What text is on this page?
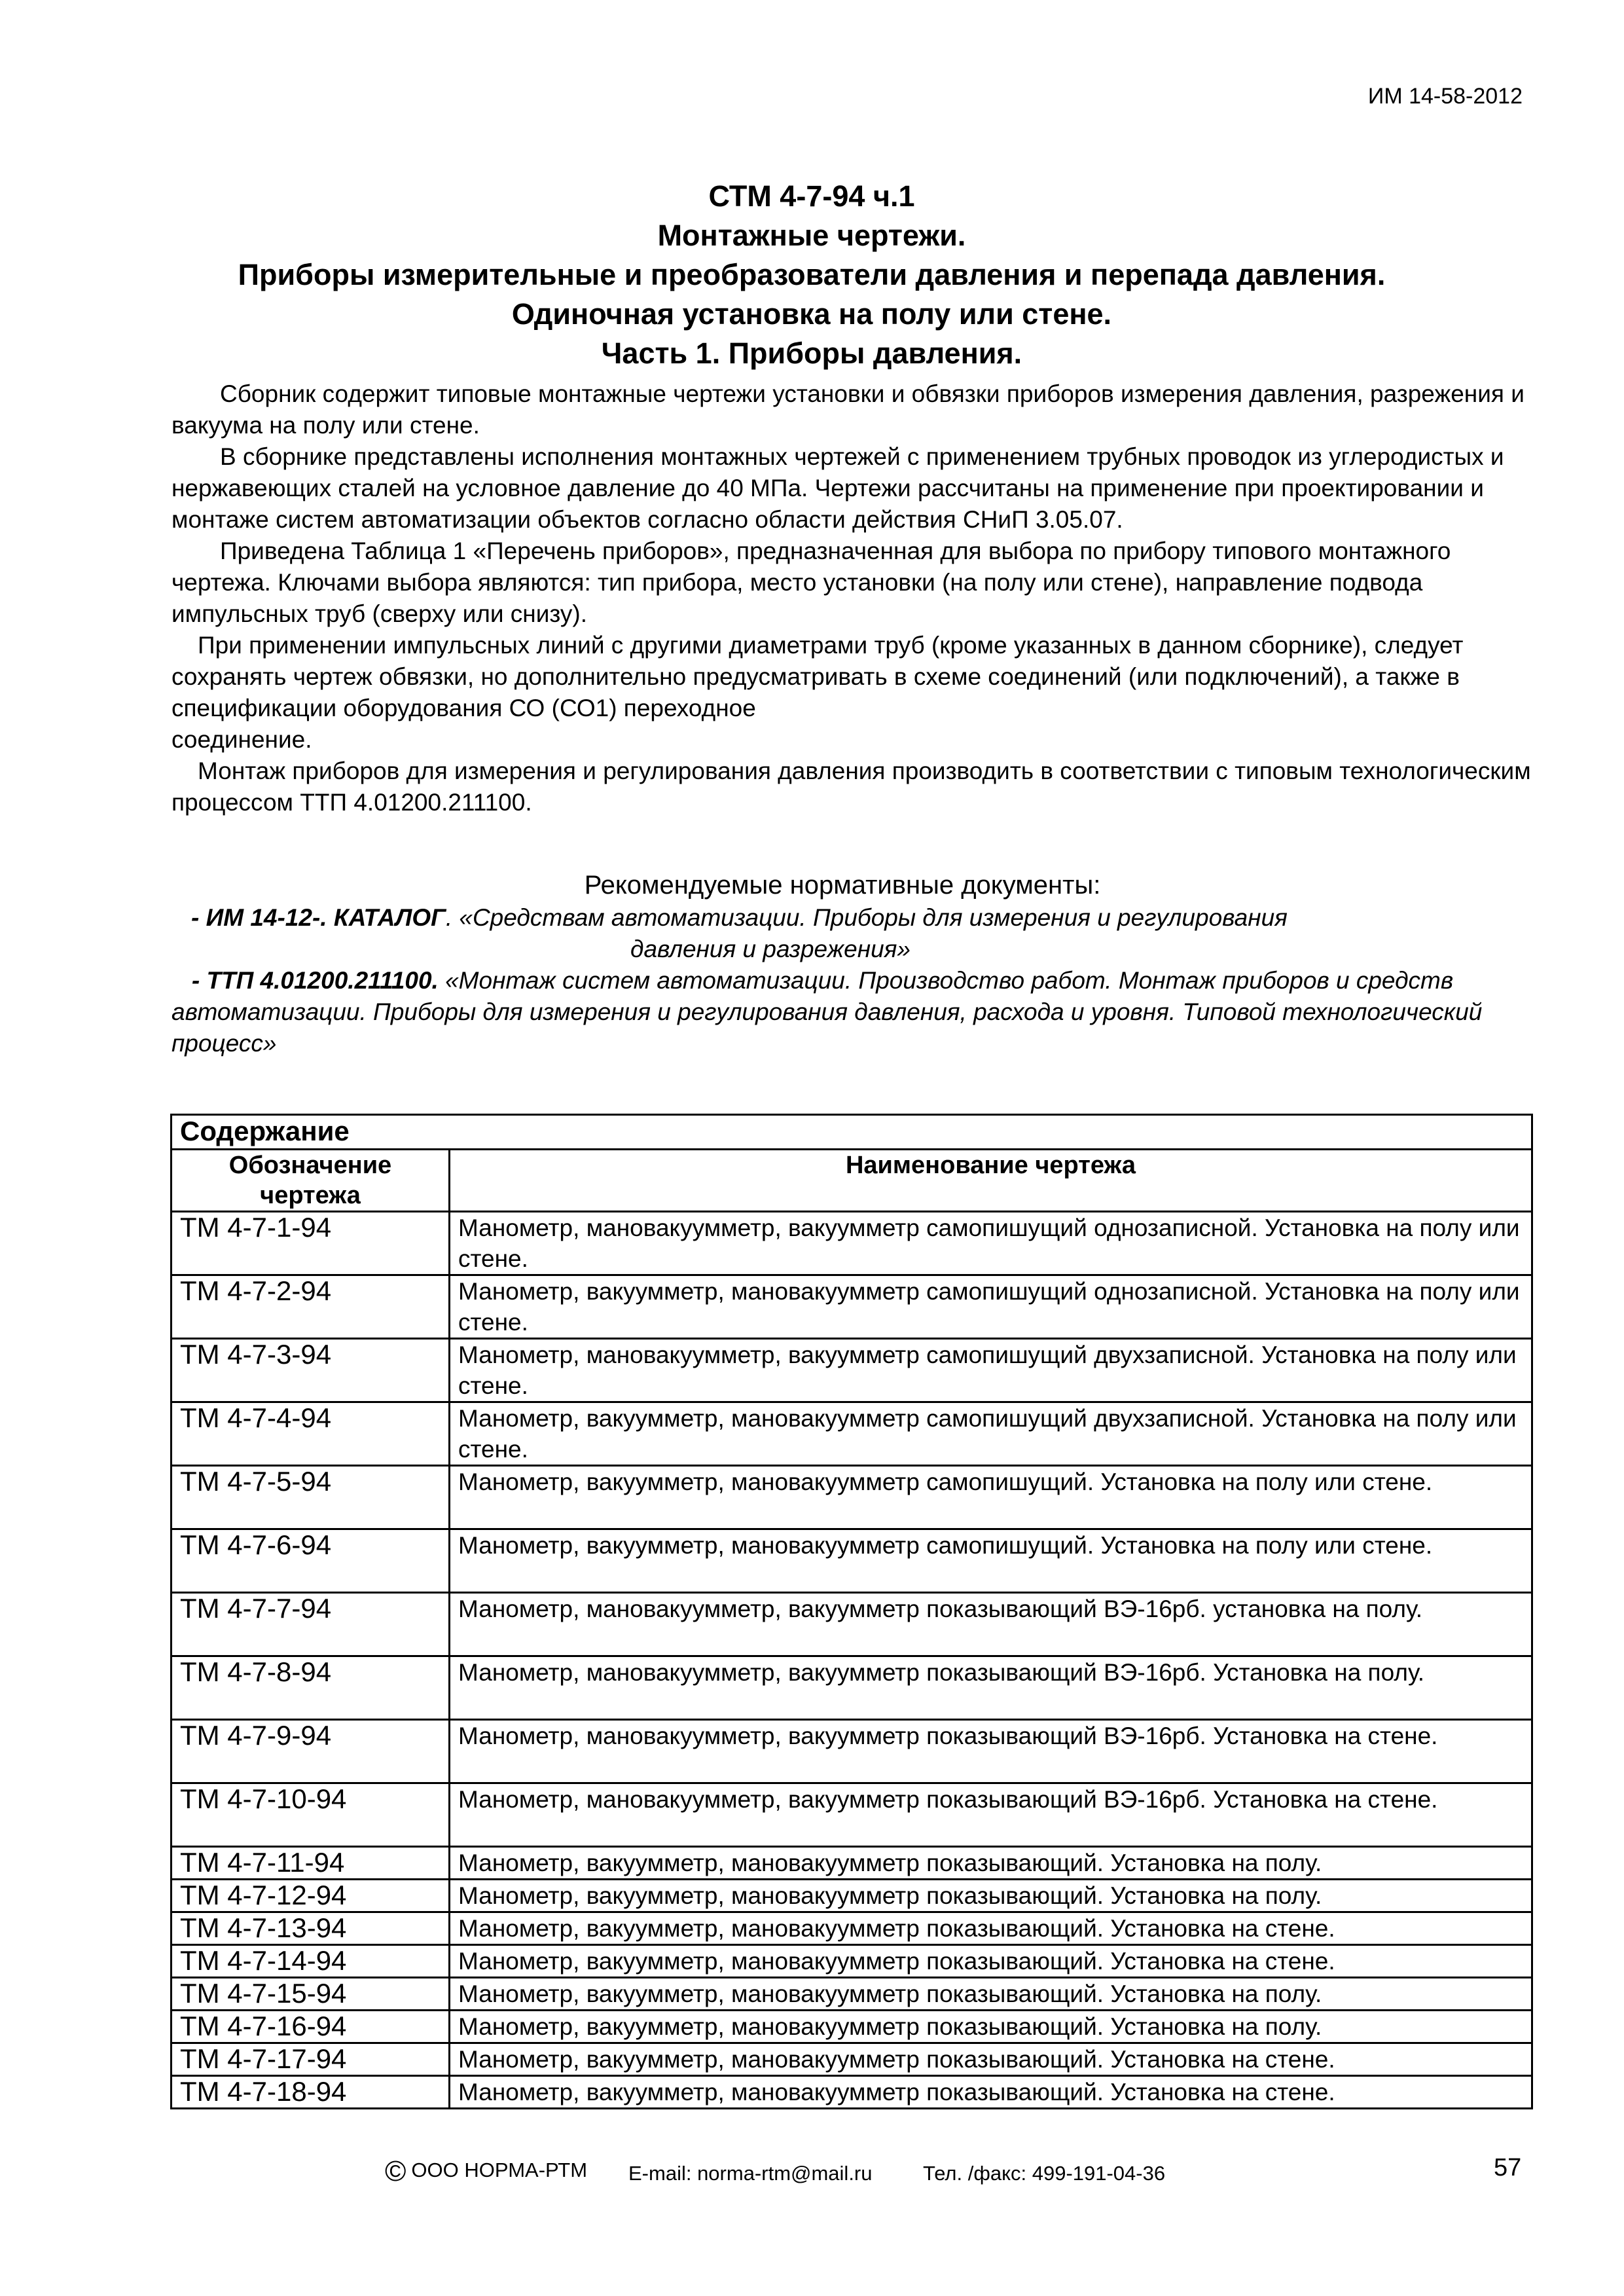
ИМ 14-58-2012
СТМ 4-7-94 ч.1
Монтажные чертежи.
Приборы измерительные и преобразователи давления и перепада давления.
Одиночная установка на полу или стене.
Часть 1. Приборы давления.

Сборник содержит типовые монтажные чертежи установки и обвязки приборов измерения давления, разрежения и вакуума на полу или стене.

В сборнике представлены исполнения монтажных чертежей с применением трубных проводок из углеродистых и нержавеющих сталей на условное давление до 40 МПа. Чертежи рассчитаны на применение при проектировании и монтаже систем автоматизации объектов согласно области действия СНиП 3.05.07.

Приведена Таблица 1 «Перечень приборов», предназначенная для выбора по прибору типового монтажного чертежа. Ключами выбора являются: тип прибора, место установки (на полу или стене), направление подвода импульсных труб (сверху или снизу).

При применении импульсных линий с другими диаметрами труб (кроме указанных в данном сборнике), следует сохранять чертеж обвязки, но дополнительно предусматривать в схеме соединений (или подключений), а также в спецификации оборудования СО (СО1) переходное

соединение.

Монтаж приборов для измерения и регулирования давления производить в соответствии с типовым технологическим процессом ТТП 4.01200.211100.

Рекомендуемые нормативные документы:

- ИМ 14-12-. КАТАЛОГ. «Средствам автоматизации. Приборы для измерения и регулирования

давления и разрежения»

- ТТП 4.01200.211100. «Монтаж систем автоматизации. Производство работ. Монтаж приборов и средств автоматизации. Приборы для измерения и регулирования давления, расхода и уровня. Типовой технологический процесс»

Содержание	
Обозначение чертежа	Наименование чертежа
ТМ 4-7-1-94	Манометр, мановакуумметр, вакуумметр самопишущий однозаписной. Установка на полу или стене.
ТМ 4-7-2-94	Манометр, вакуумметр, мановакуумметр самопишущий однозаписной. Установка на полу или стене.
ТМ 4-7-3-94	Манометр, мановакуумметр, вакуумметр самопишущий двухзаписной. Установка на полу или стене.
ТМ 4-7-4-94	Манометр, вакуумметр, мановакуумметр самопишущий двухзаписной. Установка на полу или стене.
ТМ 4-7-5-94	Манометр, вакуумметр, мановакуумметр самопишущий. Установка на полу или стене.
ТМ 4-7-6-94	Манометр, вакуумметр, мановакуумметр самопишущий. Установка на полу или стене.
ТМ 4-7-7-94	Манометр, мановакуумметр, вакуумметр показывающий ВЭ-16рб. установка на полу.
ТМ 4-7-8-94	Манометр, мановакуумметр, вакуумметр показывающий ВЭ-16рб. Установка на полу.
ТМ 4-7-9-94	Манометр, мановакуумметр, вакуумметр показывающий ВЭ-16рб. Установка на стене.
ТМ 4-7-10-94	Манометр, мановакуумметр, вакуумметр показывающий ВЭ-16рб. Установка на стене.
ТМ 4-7-11-94	Манометр, вакуумметр, мановакуумметр показывающий. Установка на полу.
ТМ 4-7-12-94	Манометр, вакуумметр, мановакуумметр показывающий. Установка на полу.
ТМ 4-7-13-94	Манометр, вакуумметр, мановакуумметр показывающий. Установка на стене.
ТМ 4-7-14-94	Манометр, вакуумметр, мановакуумметр показывающий. Установка на стене.
ТМ 4-7-15-94	Манометр, вакуумметр, мановакуумметр показывающий. Установка на полу.
ТМ 4-7-16-94	Манометр, вакуумметр, мановакуумметр показывающий. Установка на полу.
ТМ 4-7-17-94	Манометр, вакуумметр, мановакуумметр показывающий. Установка на стене.
ТМ 4-7-18-94	Манометр, вакуумметр, мановакуумметр показывающий. Установка на стене.
© ООО НОРМА-РТМ E-mail: norma-rtm@mail.ru	Тел. /факс: 499-191-04-36	57
